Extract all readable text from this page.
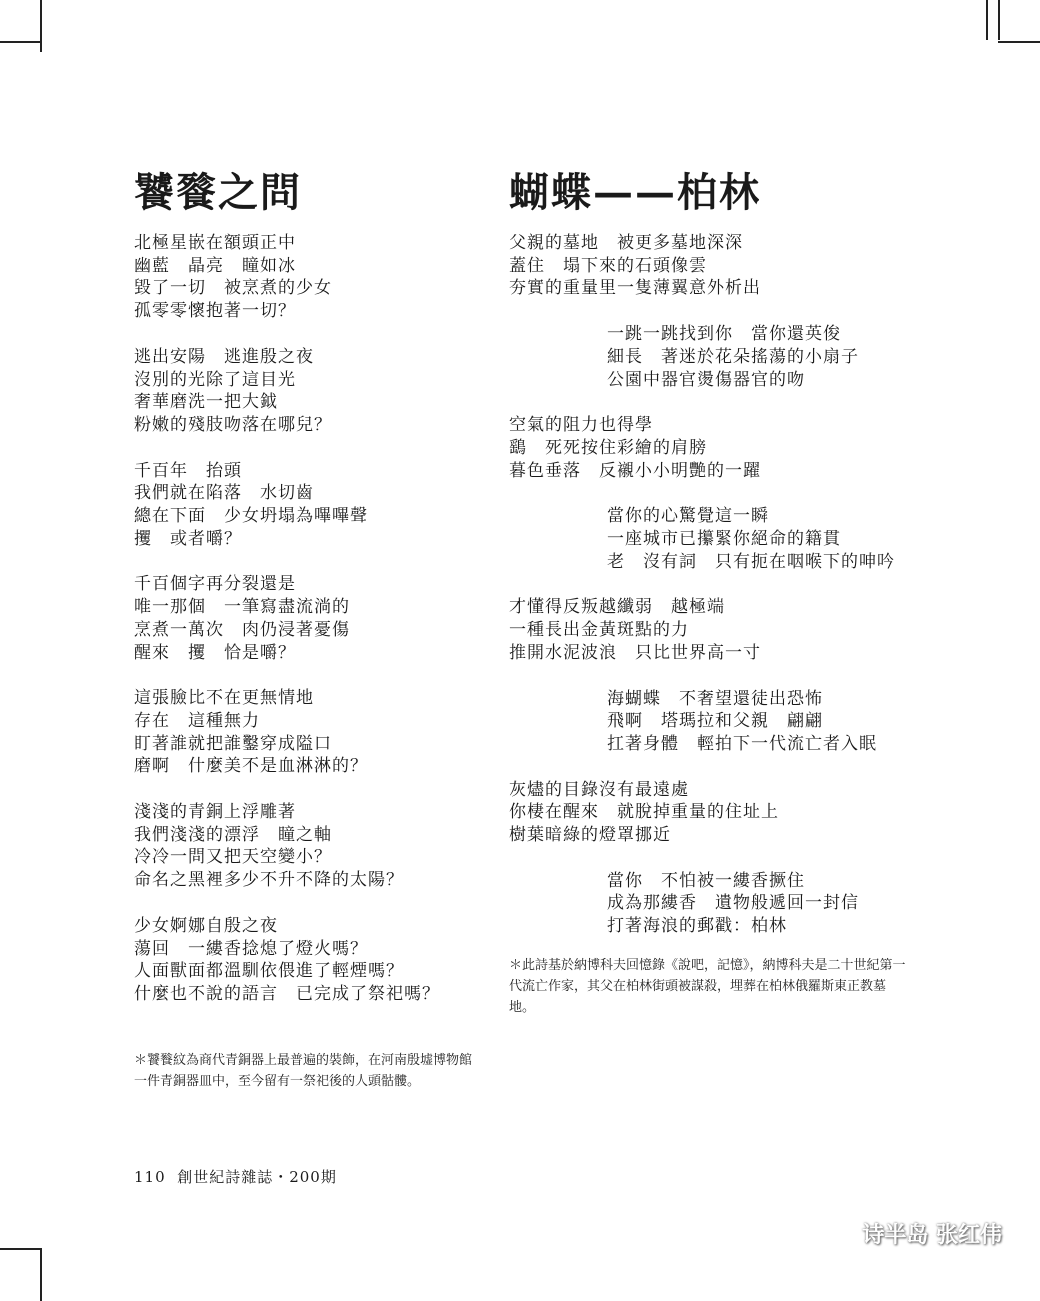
饕餮之問
北極星嵌在額頭正中
幽藍　晶亮　瞳如冰
毀了一切　被烹煮的少女
孤零零懷抱著一切？
逃出安陽　逃進殷之夜
沒別的光除了這目光
奢華磨洗一把大鉞
粉嫩的殘肢吻落在哪兒？
千百年　抬頭
我們就在陷落　水切齒
總在下面　少女坍塌為嗶嗶聲
攫　或者嚼？
千百個字再分裂還是
唯一那個　一筆寫盡流淌的
烹煮一萬次　肉仍浸著憂傷
醒來　攫　恰是嚼？
這張臉比不在更無情地
存在　這種無力
盯著誰就把誰鑿穿成隘口
磨啊　什麼美不是血淋淋的？
淺淺的青銅上浮雕著
我們淺淺的漂浮　瞳之軸
冷冷一問又把天空變小？
命名之黑裡多少不升不降的太陽？
少女婀娜自殷之夜
蕩回　一縷香捻熄了燈火嗎？
人面獸面都溫馴依偎進了輕煙嗎？
什麼也不說的語言　已完成了祭祀嗎？
＊饕餮紋為商代青銅器上最普遍的裝飾，在河南殷墟博物館一件青銅器皿中，至今留有一祭祀後的人頭骷髏。
蝴蝶——柏林
父親的墓地　被更多墓地深深
蓋住　塌下來的石頭像雲
夯實的重量里一隻薄翼意外析出
一跳一跳找到你　當你還英俊
細長　著迷於花朵搖蕩的小扇子
公園中器官燙傷器官的吻
空氣的阻力也得學
鷂　死死按住彩繪的肩膀
暮色垂落　反襯小小明艷的一躍
當你的心驚覺這一瞬
一座城市已攥緊你絕命的籍貫
老　沒有詞　只有扼在咽喉下的呻吟
才懂得反叛越纖弱　越極端
一種長出金黃斑點的力
推開水泥波浪　只比世界高一寸
海蝴蝶　不奢望還徒出恐怖
飛啊　塔瑪拉和父親　翩翩
扛著身體　輕拍下一代流亡者入眠
灰燼的目錄沒有最遠處
你棲在醒來　就脫掉重量的住址上
樹葉暗綠的燈罩挪近
當你　不怕被一縷香撅住
成為那縷香　遺物般遞回一封信
打著海浪的郵戳：柏林
＊此詩基於納博科夫回憶錄《說吧，記憶》，納博科夫是二十世紀第一代流亡作家，其父在柏林街頭被謀殺，埋葬在柏林俄羅斯東正教墓地。
110 創世紀詩雜誌・200期
诗半岛 张红伟
